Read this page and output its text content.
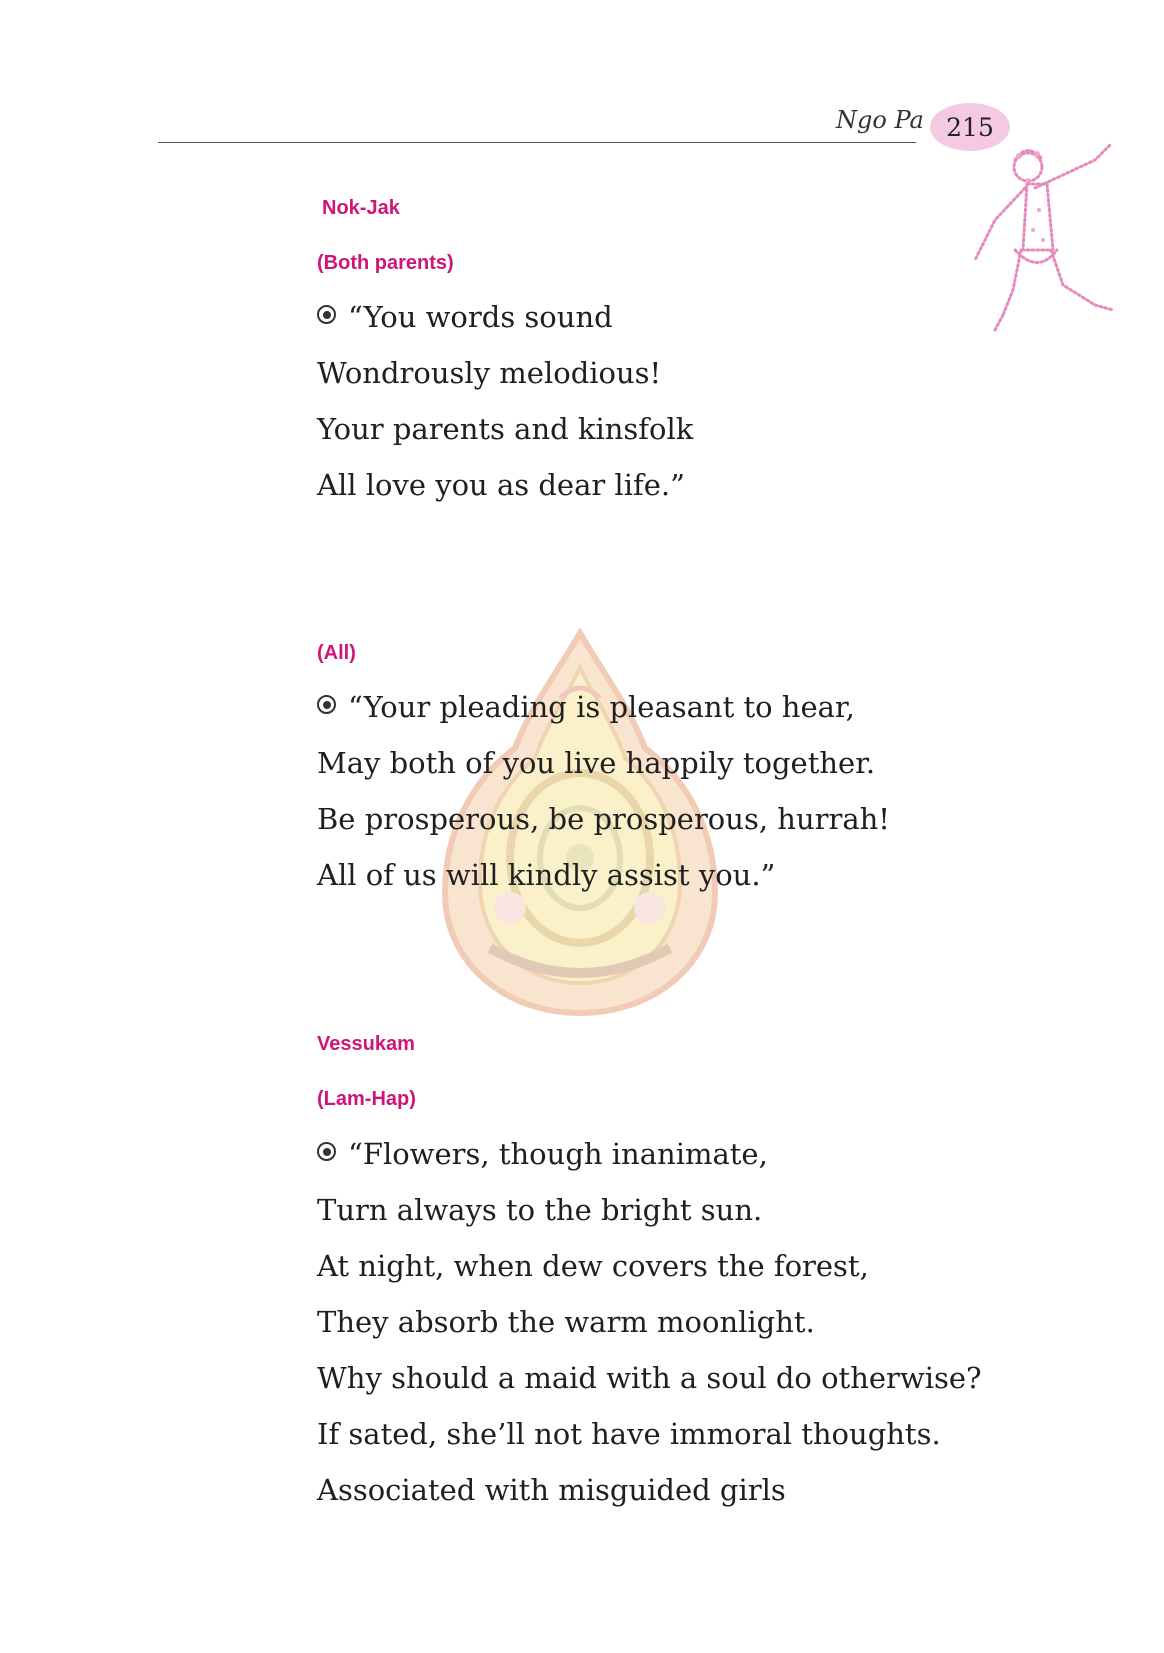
Ngo Pa 215
Nok-Jak
(Both parents)
“You words sound
Wondrously melodious!
Your parents and kinsfolk
All love you as dear life.”
(All)
“Your pleading is pleasant to hear,
May both of you live happily together.
Be prosperous, be prosperous, hurrah!
All of us will kindly assist you.”
Vessukam
(Lam-Hap)
“Flowers, though inanimate,
Turn always to the bright sun.
At night, when dew covers the forest,
They absorb the warm moonlight.
Why should a maid with a soul do otherwise?
If sated, she’ll not have immoral thoughts.
Associated with misguided girls
